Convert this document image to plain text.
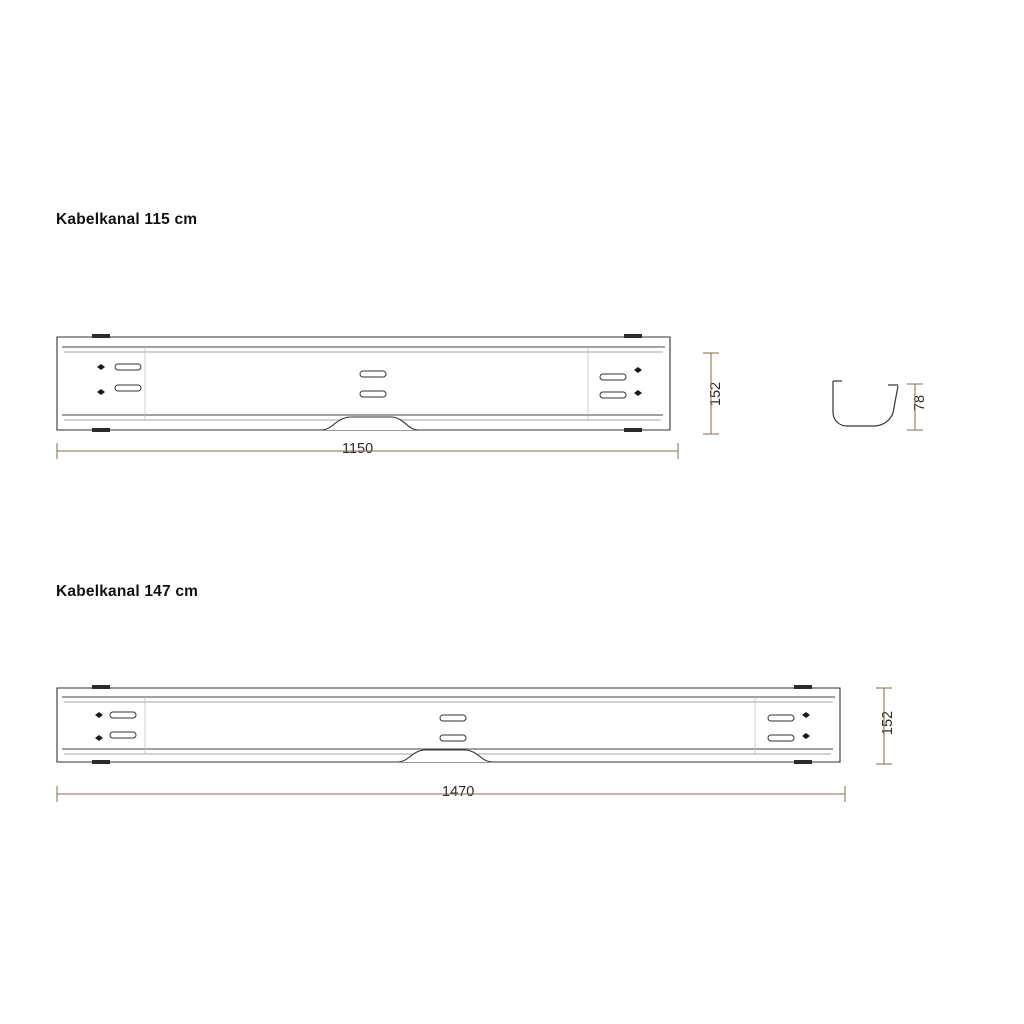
Kabelkanal 115 cm
Kabelkanal 147 cm
1150
152	78
1470
152
